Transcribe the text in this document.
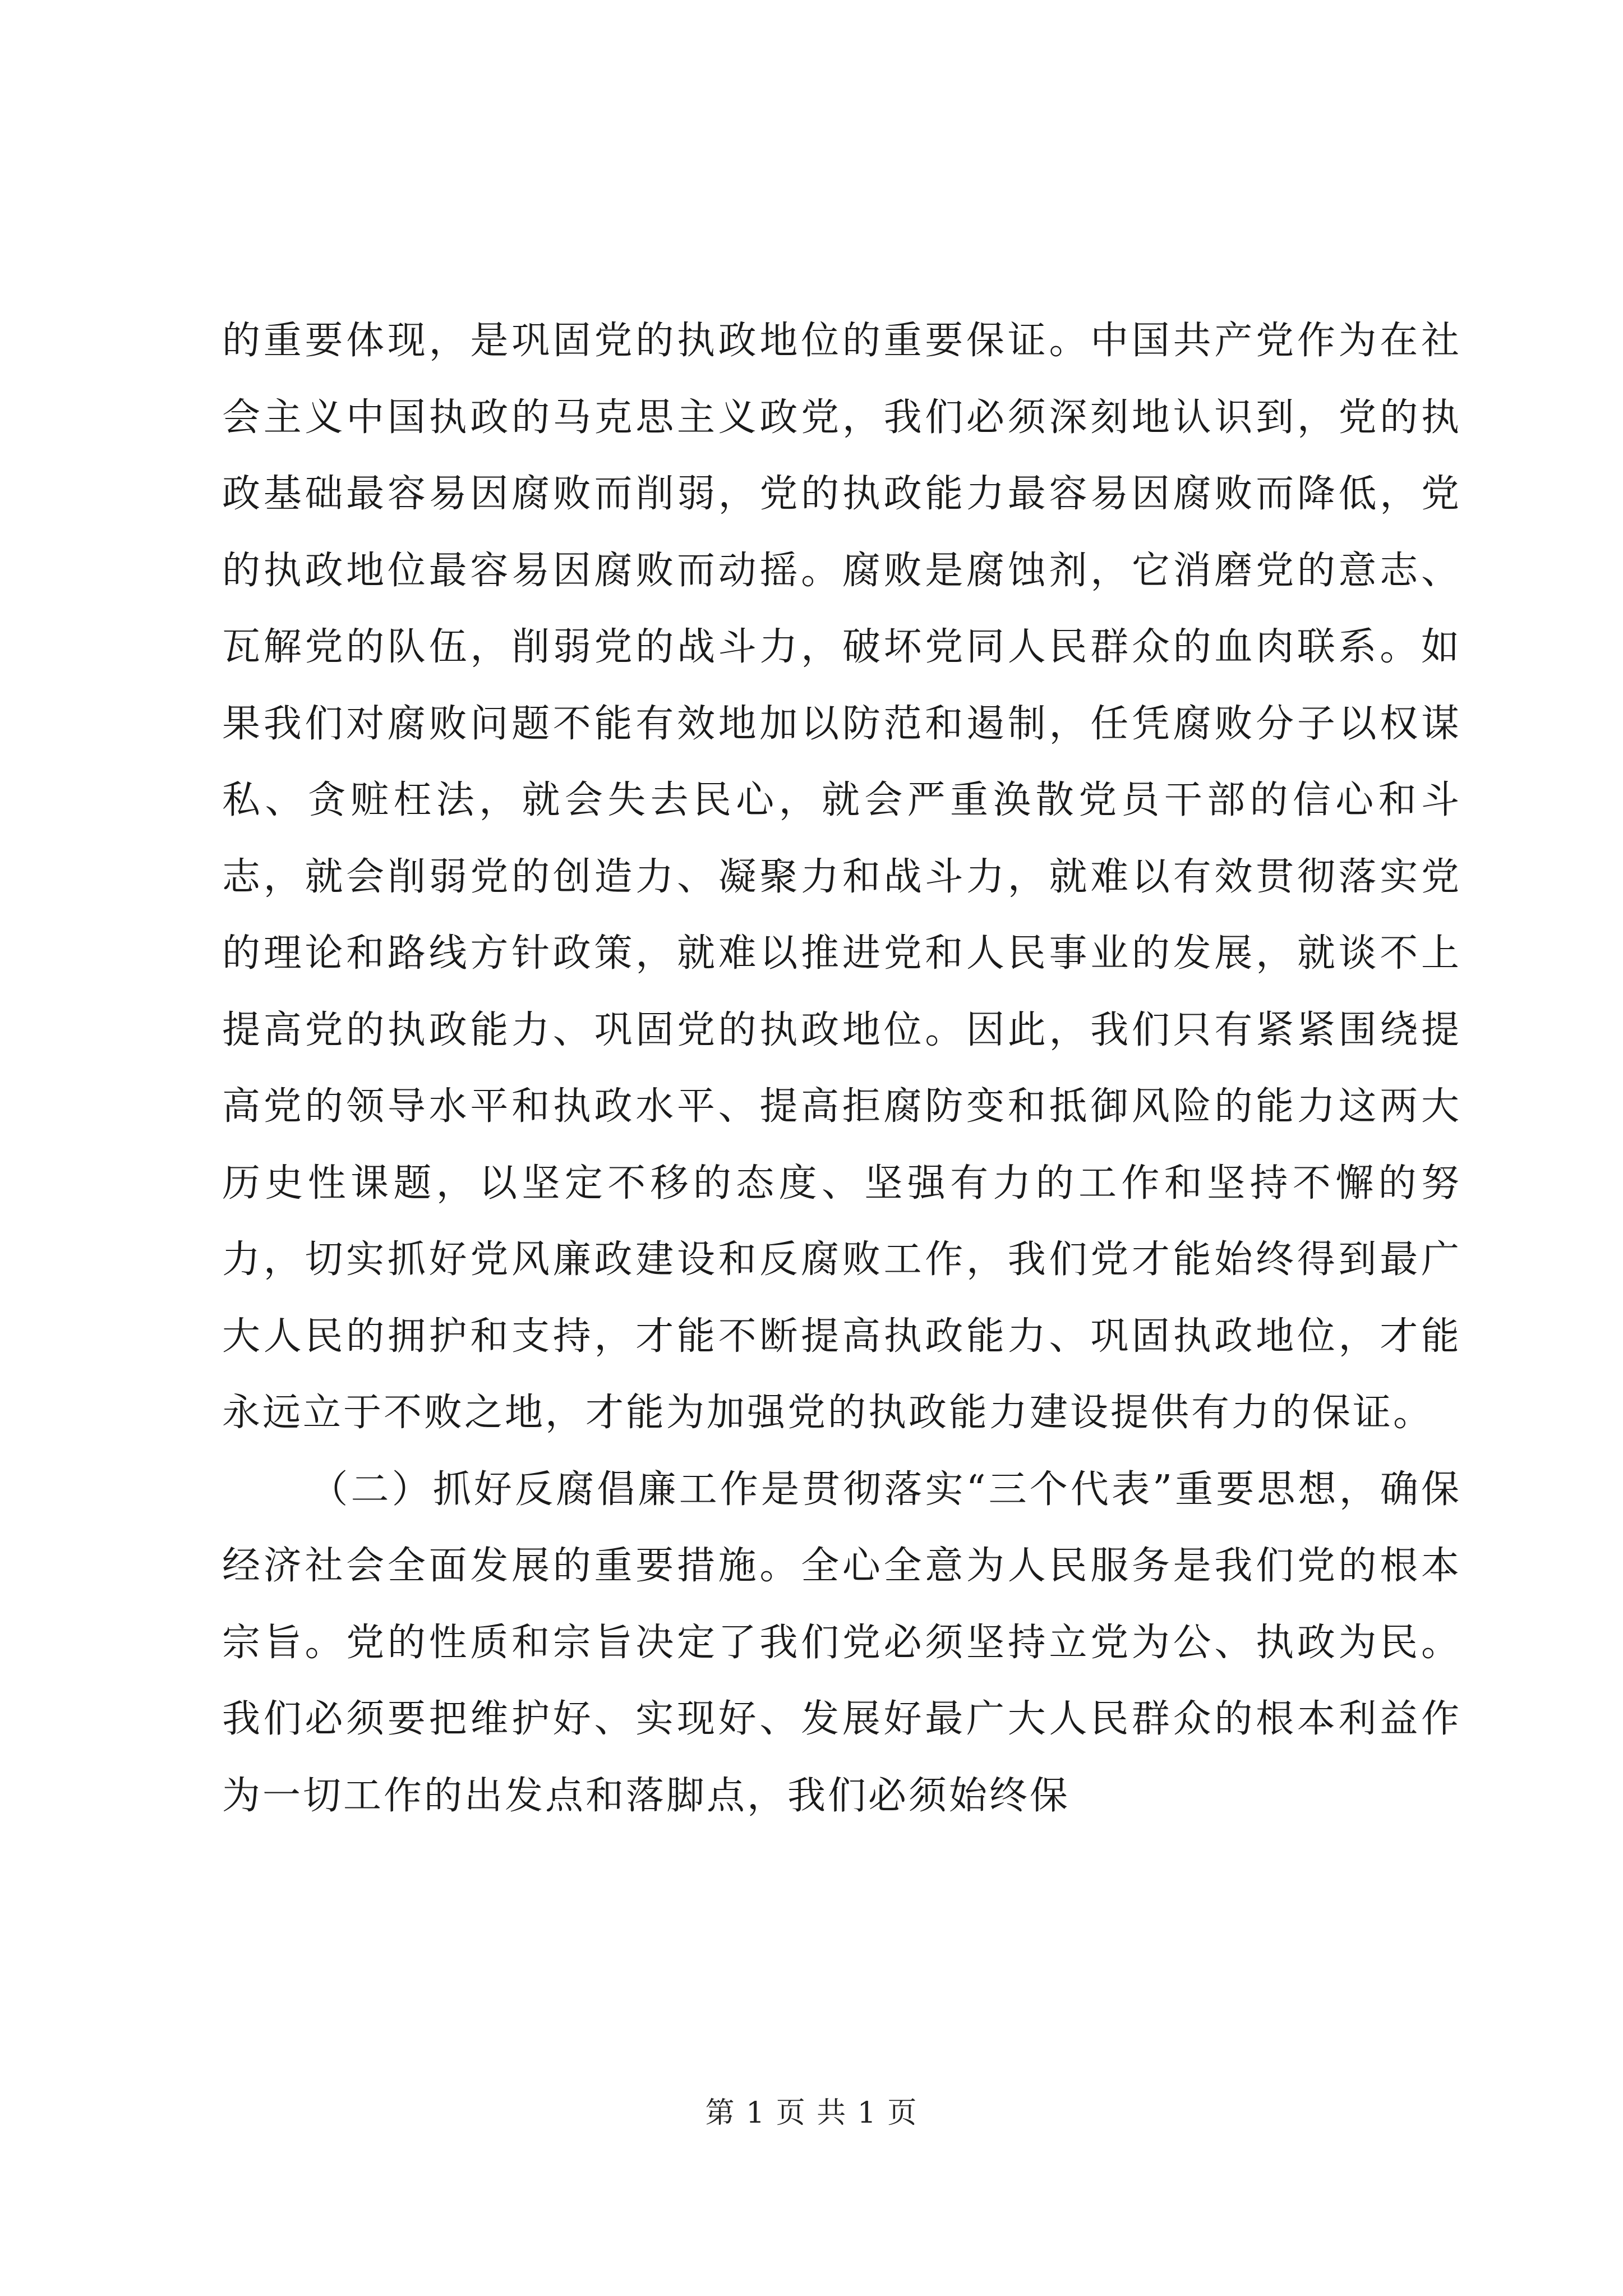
的重要体现，是巩固党的执政地位的重要保证。中国共产党作为在社会主义中国执政的马克思主义政党，我们必须深刻地认识到，党的执政基础最容易因腐败而削弱，党的执政能力最容易因腐败而降低，党的执政地位最容易因腐败而动摇。腐败是腐蚀剂，它消磨党的意志、瓦解党的队伍，削弱党的战斗力，破坏党同人民群众的血肉联系。如果我们对腐败问题不能有效地加以防范和遏制，任凭腐败分子以权谋私、贪赃枉法，就会失去民心，就会严重涣散党员干部的信心和斗志，就会削弱党的创造力、凝聚力和战斗力，就难以有效贯彻落实党的理论和路线方针政策，就难以推进党和人民事业的发展，就谈不上提高党的执政能力、巩固党的执政地位。因此，我们只有紧紧围绕提高党的领导水平和执政水平、提高拒腐防变和抵御风险的能力这两大历史性课题，以坚定不移的态度、坚强有力的工作和坚持不懈的努力，切实抓好党风廉政建设和反腐败工作，我们党才能始终得到最广大人民的拥护和支持，才能不断提高执政能力、巩固执政地位，才能永远立于不败之地，才能为加强党的执政能力建设提供有力的保证。

（二）抓好反腐倡廉工作是贯彻落实“三个代表”重要思想，确保经济社会全面发展的重要措施。全心全意为人民服务是我们党的根本宗旨。党的性质和宗旨决定了我们党必须坚持立党为公、执政为民。我们必须要把维护好、实现好、发展好最广大人民群众的根本利益作为一切工作的出发点和落脚点，我们必须始终保

第 1 页 共 1 页
